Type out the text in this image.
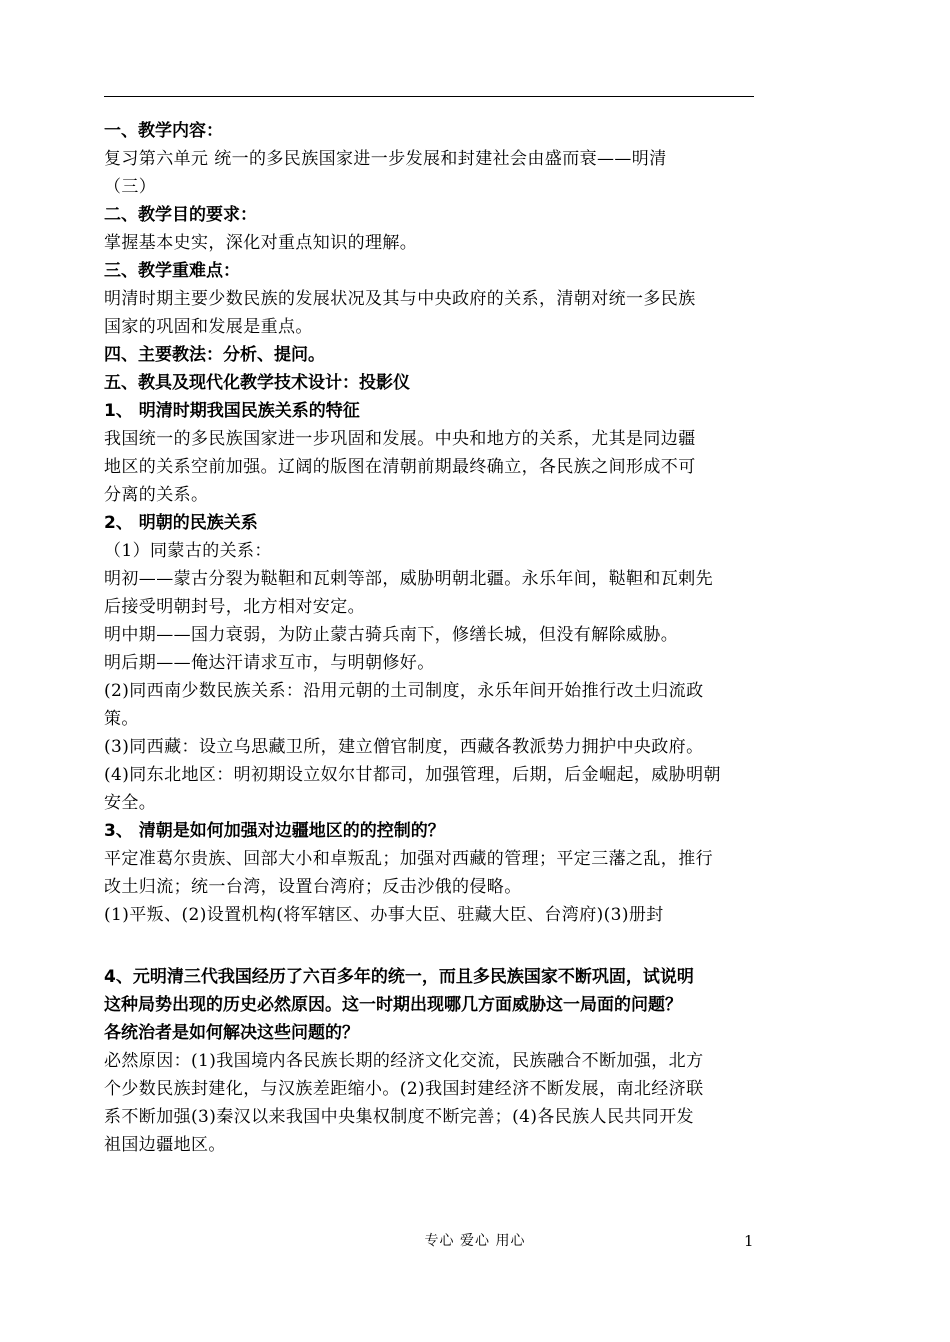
一、教学内容：
复习第六单元 统一的多民族国家进一步发展和封建社会由盛而衰——明清
（三）
二、教学目的要求：
掌握基本史实，深化对重点知识的理解。
三、教学重难点：
明清时期主要少数民族的发展状况及其与中央政府的关系，清朝对统一多民族
国家的巩固和发展是重点。
四、主要教法：分析、提问。
五、教具及现代化教学技术设计：投影仪
1、 明清时期我国民族关系的特征
我国统一的多民族国家进一步巩固和发展。中央和地方的关系，尤其是同边疆
地区的关系空前加强。辽阔的版图在清朝前期最终确立，各民族之间形成不可
分离的关系。
2、 明朝的民族关系
（1）同蒙古的关系：
明初——蒙古分裂为鞑靼和瓦剌等部，威胁明朝北疆。永乐年间，鞑靼和瓦剌先
后接受明朝封号，北方相对安定。
明中期——国力衰弱，为防止蒙古骑兵南下，修缮长城，但没有解除威胁。
明后期——俺达汗请求互市，与明朝修好。
(2)同西南少数民族关系：沿用元朝的土司制度，永乐年间开始推行改土归流政
策。
(3)同西藏：设立乌思藏卫所，建立僧官制度，西藏各教派势力拥护中央政府。
(4)同东北地区：明初期设立奴尔甘都司，加强管理，后期，后金崛起，威胁明朝
安全。
3、 清朝是如何加强对边疆地区的的控制的？
平定准葛尔贵族、回部大小和卓叛乱；加强对西藏的管理；平定三藩之乱，推行
改土归流；统一台湾，设置台湾府；反击沙俄的侵略。
(1)平叛、(2)设置机构(将军辖区、办事大臣、驻藏大臣、台湾府)(3)册封
4、元明清三代我国经历了六百多年的统一，而且多民族国家不断巩固，试说明
这种局势出现的历史必然原因。这一时期出现哪几方面威胁这一局面的问题？
各统治者是如何解决这些问题的？
必然原因：(1)我国境内各民族长期的经济文化交流，民族融合不断加强，北方
个少数民族封建化，与汉族差距缩小。(2)我国封建经济不断发展，南北经济联
系不断加强(3)秦汉以来我国中央集权制度不断完善；(4)各民族人民共同开发
祖国边疆地区。
专心 爱心 用心	1
